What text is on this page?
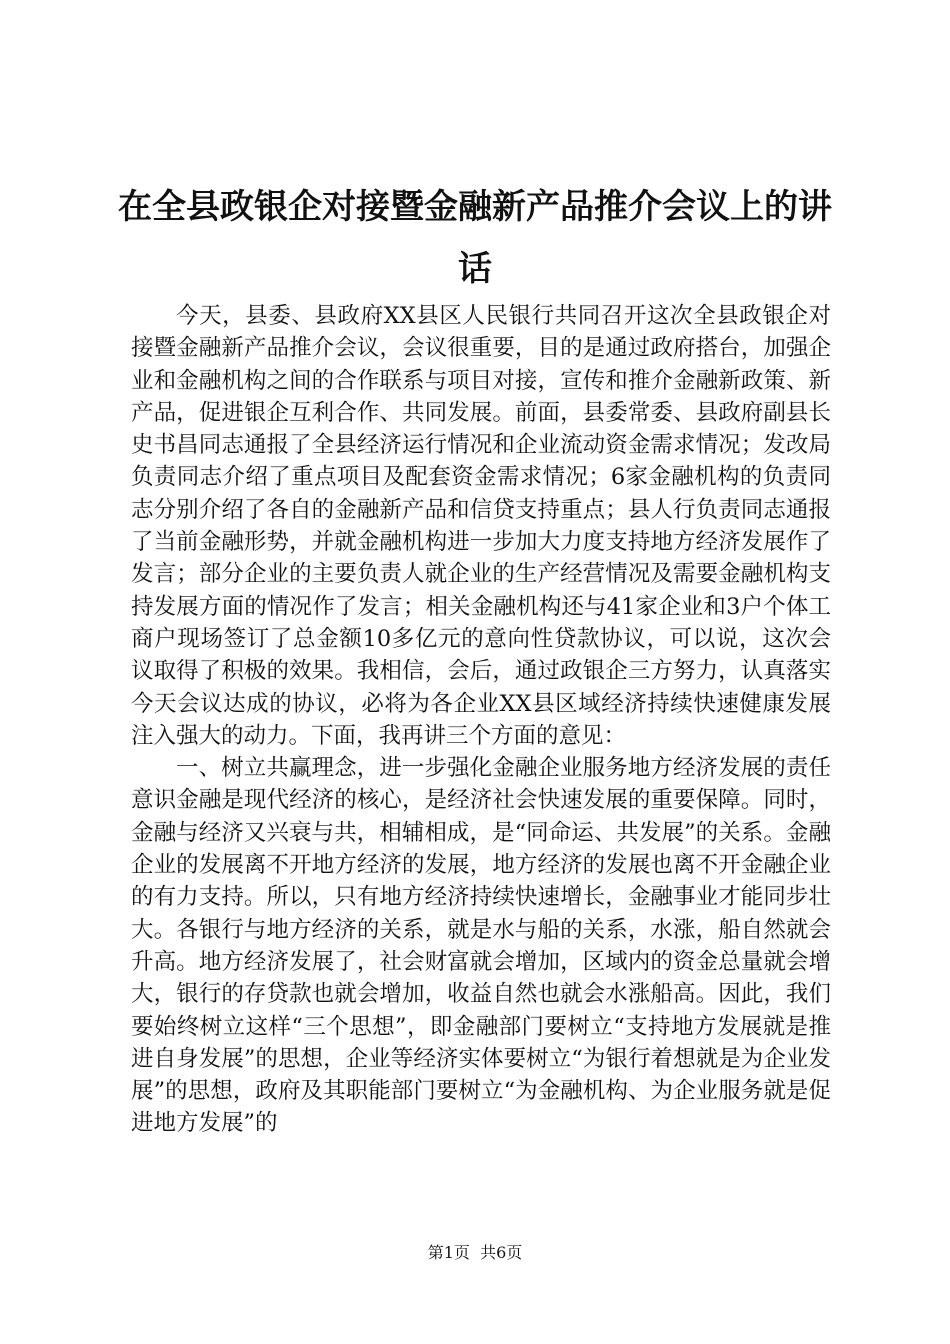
在全县政银企对接暨金融新产品推介会议上的讲话

今天，县委、县政府XX县区人民银行共同召开这次全县政银企对接暨金融新产品推介会议，会议很重要，目的是通过政府搭台，加强企业和金融机构之间的合作联系与项目对接，宣传和推介金融新政策、新产品，促进银企互利合作、共同发展。前面，县委常委、县政府副县长史书昌同志通报了全县经济运行情况和企业流动资金需求情况；发改局负责同志介绍了重点项目及配套资金需求情况；6家金融机构的负责同志分别介绍了各自的金融新产品和信贷支持重点；县人行负责同志通报了当前金融形势，并就金融机构进一步加大力度支持地方经济发展作了发言；部分企业的主要负责人就企业的生产经营情况及需要金融机构支持发展方面的情况作了发言；相关金融机构还与41家企业和3户个体工商户现场签订了总金额10多亿元的意向性贷款协议，可以说，这次会议取得了积极的效果。我相信，会后，通过政银企三方努力，认真落实今天会议达成的协议，必将为各企业XX县区域经济持续快速健康发展注入强大的动力。下面，我再讲三个方面的意见：

一、树立共赢理念，进一步强化金融企业服务地方经济发展的责任意识金融是现代经济的核心，是经济社会快速发展的重要保障。同时，金融与经济又兴衰与共，相辅相成，是“同命运、共发展”的关系。金融企业的发展离不开地方经济的发展，地方经济的发展也离不开金融企业的有力支持。所以，只有地方经济持续快速增长，金融事业才能同步壮大。各银行与地方经济的关系，就是水与船的关系，水涨，船自然就会升高。地方经济发展了，社会财富就会增加，区域内的资金总量就会增大，银行的存贷款也就会增加，收益自然也就会水涨船高。因此，我们要始终树立这样“三个思想”，即金融部门要树立“支持地方发展就是推进自身发展”的思想，企业等经济实体要树立“为银行着想就是为企业发展”的思想，政府及其职能部门要树立“为金融机构、为企业服务就是促进地方发展”的

第1页 共6页
